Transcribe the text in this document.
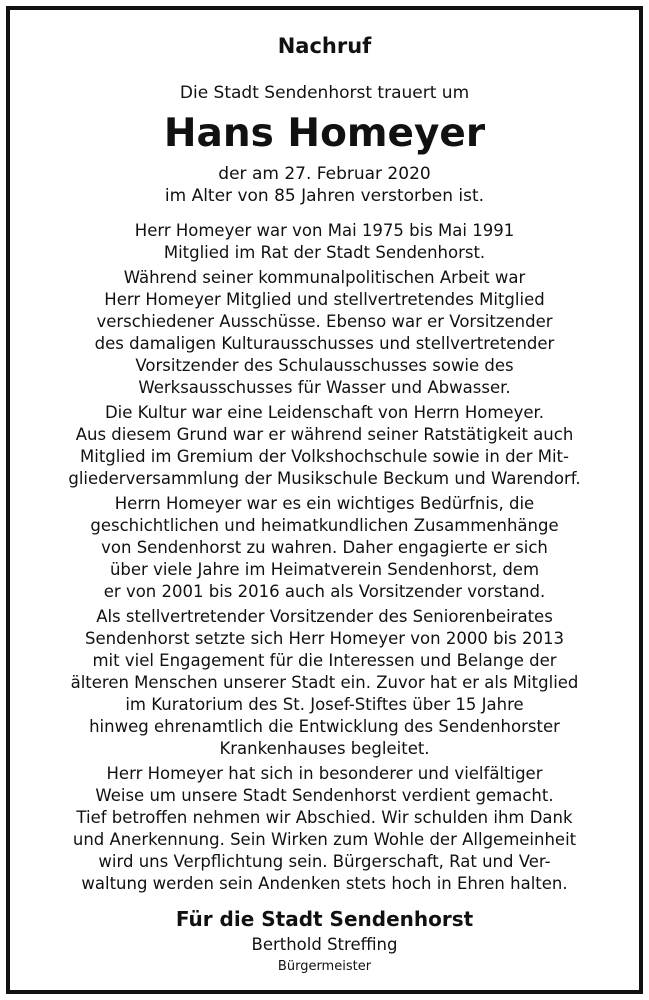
Nachruf
Die Stadt Sendenhorst trauert um
Hans Homeyer
der am 27. Februar 2020
im Alter von 85 Jahren verstorben ist.
Herr Homeyer war von Mai 1975 bis Mai 1991
Mitglied im Rat der Stadt Sendenhorst.
Während seiner kommunalpolitischen Arbeit war
Herr Homeyer Mitglied und stellvertretendes Mitglied
verschiedener Ausschüsse. Ebenso war er Vorsitzender
des damaligen Kulturausschusses und stellvertretender
Vorsitzender des Schulausschusses sowie des
Werksausschusses für Wasser und Abwasser.
Die Kultur war eine Leidenschaft von Herrn Homeyer.
Aus diesem Grund war er während seiner Ratstätigkeit auch
Mitglied im Gremium der Volkshochschule sowie in der Mit-
gliederversammlung der Musikschule Beckum und Warendorf.
Herrn Homeyer war es ein wichtiges Bedürfnis, die
geschichtlichen und heimatkundlichen Zusammenhänge
von Sendenhorst zu wahren. Daher engagierte er sich
über viele Jahre im Heimatverein Sendenhorst, dem
er von 2001 bis 2016 auch als Vorsitzender vorstand.
Als stellvertretender Vorsitzender des Seniorenbeirates
Sendenhorst setzte sich Herr Homeyer von 2000 bis 2013
mit viel Engagement für die Interessen und Belange der
älteren Menschen unserer Stadt ein. Zuvor hat er als Mitglied
im Kuratorium des St. Josef-Stiftes über 15 Jahre
hinweg ehrenamtlich die Entwicklung des Sendenhorster
Krankenhauses begleitet.
Herr Homeyer hat sich in besonderer und vielfältiger
Weise um unsere Stadt Sendenhorst verdient gemacht.
Tief betroffen nehmen wir Abschied. Wir schulden ihm Dank
und Anerkennung. Sein Wirken zum Wohle der Allgemeinheit
wird uns Verpflichtung sein. Bürgerschaft, Rat und Ver-
waltung werden sein Andenken stets hoch in Ehren halten.
Für die Stadt Sendenhorst
Berthold Streffing
Bürgermeister
